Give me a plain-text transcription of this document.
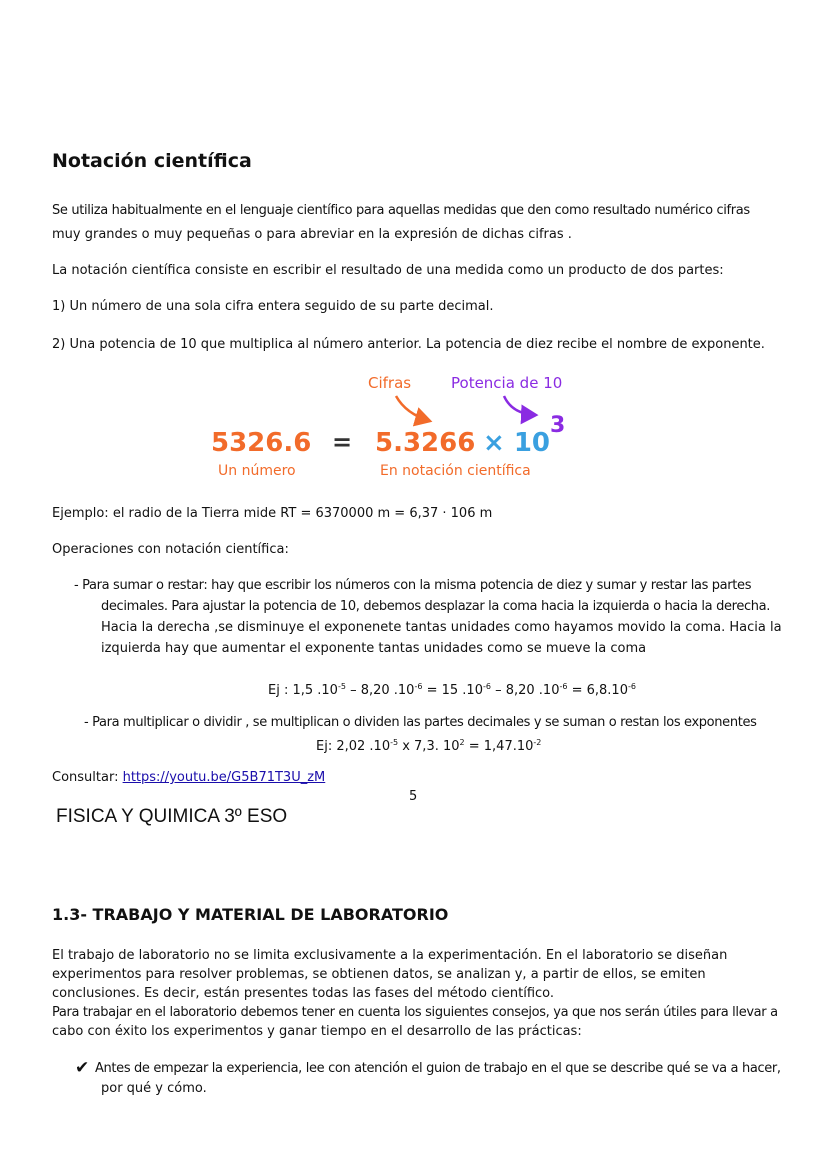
Notación científica
Se utiliza habitualmente en el lenguaje científico para aquellas medidas que den como resultado numérico cifras
muy grandes o muy pequeñas o para abreviar en la expresión de dichas cifras .
La notación científica consiste en escribir el resultado de una medida como un producto de dos partes:
1) Un número de una sola cifra entera seguido de su parte decimal.
2) Una potencia de 10 que multiplica al número anterior. La potencia de diez recibe el nombre de exponente.
Cifras	Potencia de 10
5326.6 = 5.3266 × 10
3
Un número	En notación científica
Ejemplo: el radio de la Tierra mide RT = 6370000 m = 6,37 · 106 m
Operaciones con notación científica:
- Para sumar o restar: hay que escribir los números con la misma potencia de diez y sumar y restar las partes
decimales. Para ajustar la potencia de 10, debemos desplazar la coma hacia la izquierda o hacia la derecha.
Hacia la derecha ,se disminuye el exponenete tantas unidades como hayamos movido la coma. Hacia la
izquierda hay que aumentar el exponente tantas unidades como se mueve la coma
Ej : 1,5 $.10^{-5} - 8,20$ $.10^{-6} = 15$ $.10^{-6} - 8,20$ $.10^{-6} = 6,8.10^{-6}$
- Para multiplicar o dividir , se multiplican o dividen las partes decimales y se suman o restan los exponentes
Ej: 2,02 $.10^{-5}$ x 7,3. $10^2 = 1,47.10^{-2}$
Consultar: https://youtu.be/G5B71T3U_zM
5
FISICA Y QUIMICA 3º ESO
1.3- TRABAJO Y MATERIAL DE LABORATORIO
El trabajo de laboratorio no se limita exclusivamente a la experimentación. En el laboratorio se diseñan
experimentos para resolver problemas, se obtienen datos, se analizan y, a partir de ellos, se emiten
conclusiones. Es decir, están presentes todas las fases del método científico.
Para trabajar en el laboratorio debemos tener en cuenta los siguientes consejos, ya que nos serán útiles para llevar a
cabo con éxito los experimentos y ganar tiempo en el desarrollo de las prácticas:
✔ Antes de empezar la experiencia, lee con atención el guion de trabajo en el que se describe qué se va a hacer,
por qué y cómo.
